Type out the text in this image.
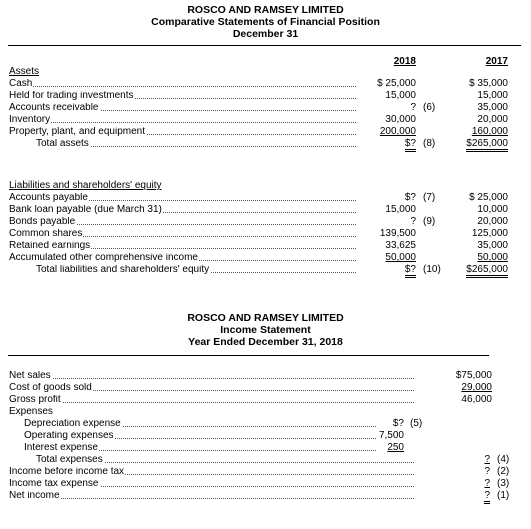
ROSCO AND RAMSEY LIMITED
Comparative Statements of Financial Position
December 31
2018	2017
Assets
Cash	$ 25,000	$ 35,000
Held for trading investments	15,000	15,000
Accounts receivable	? (6)	35,000
Inventory	30,000	20,000
Property, plant, and equipment	200,000	160,000
Total assets	$? (8)	$265,000
Liabilities and shareholders' equity
Accounts payable	$? (7)	$ 25,000
Bank loan payable (due March 31)	15,000	10,000
Bonds payable	? (9)	20,000
Common shares	139,500	125,000
Retained earnings	33,625	35,000
Accumulated other comprehensive income	50,000	50,000
Total liabilities and shareholders' equity	$? (10)	$265,000
ROSCO AND RAMSEY LIMITED
Income Statement
Year Ended December 31, 2018
Net sales	$75,000
Cost of goods sold	29,000
Gross profit	46,000
Expenses
Depreciation expense	$? (5)
Operating expenses	7,500
Interest expense	250
Total expenses	? (4)
Income before income tax	? (2)
Income tax expense	? (3)
Net income	? (1)
